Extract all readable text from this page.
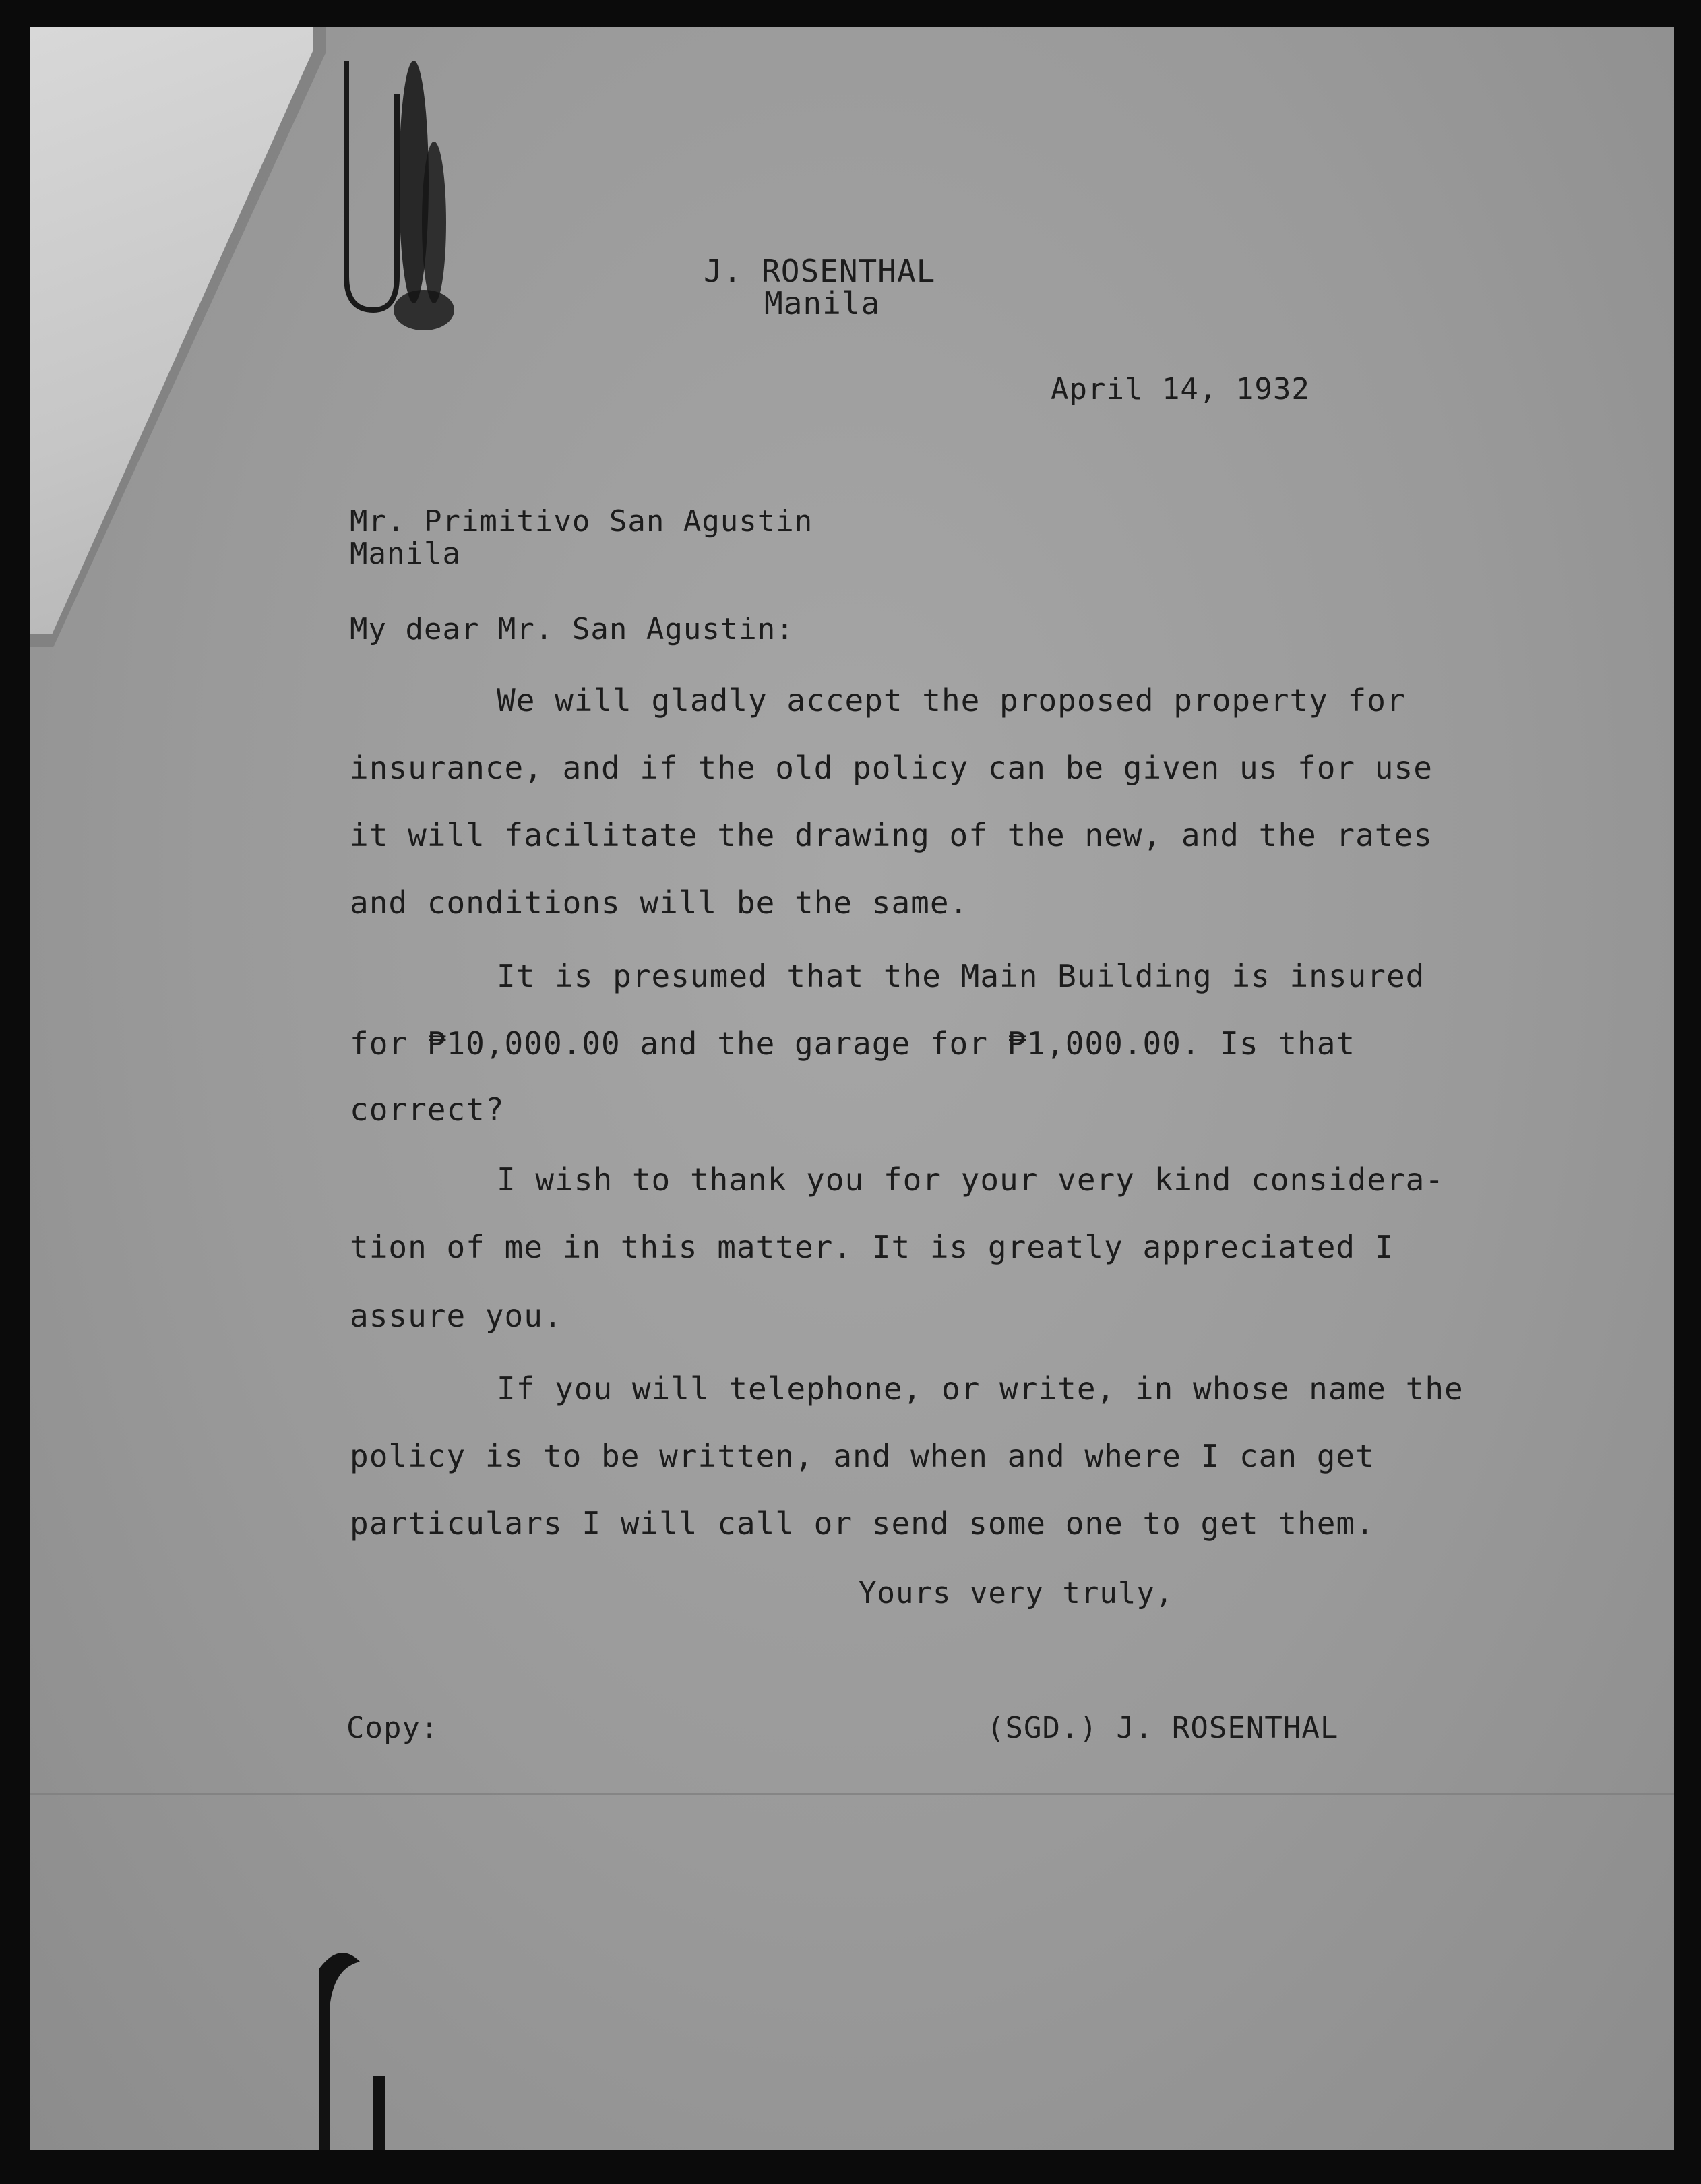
J. ROSENTHAL
Manila
April 14, 1932
Mr. Primitivo San Agustin
Manila
My dear Mr. San Agustin:
We will gladly accept the proposed property for
insurance, and if the old policy can be given us for use
it will facilitate the drawing of the new, and the rates
and conditions will be the same.
It is presumed that the Main Building is insured
for ₱10,000.00 and the garage for ₱1,000.00. Is that
correct?
I wish to thank you for your very kind considera-
tion of me in this matter. It is greatly appreciated I
assure you.
If you will telephone, or write, in whose name the
policy is to be written, and when and where I can get
particulars I will call or send some one to get them.
Yours very truly,
Copy:	(SGD.) J. ROSENTHAL
